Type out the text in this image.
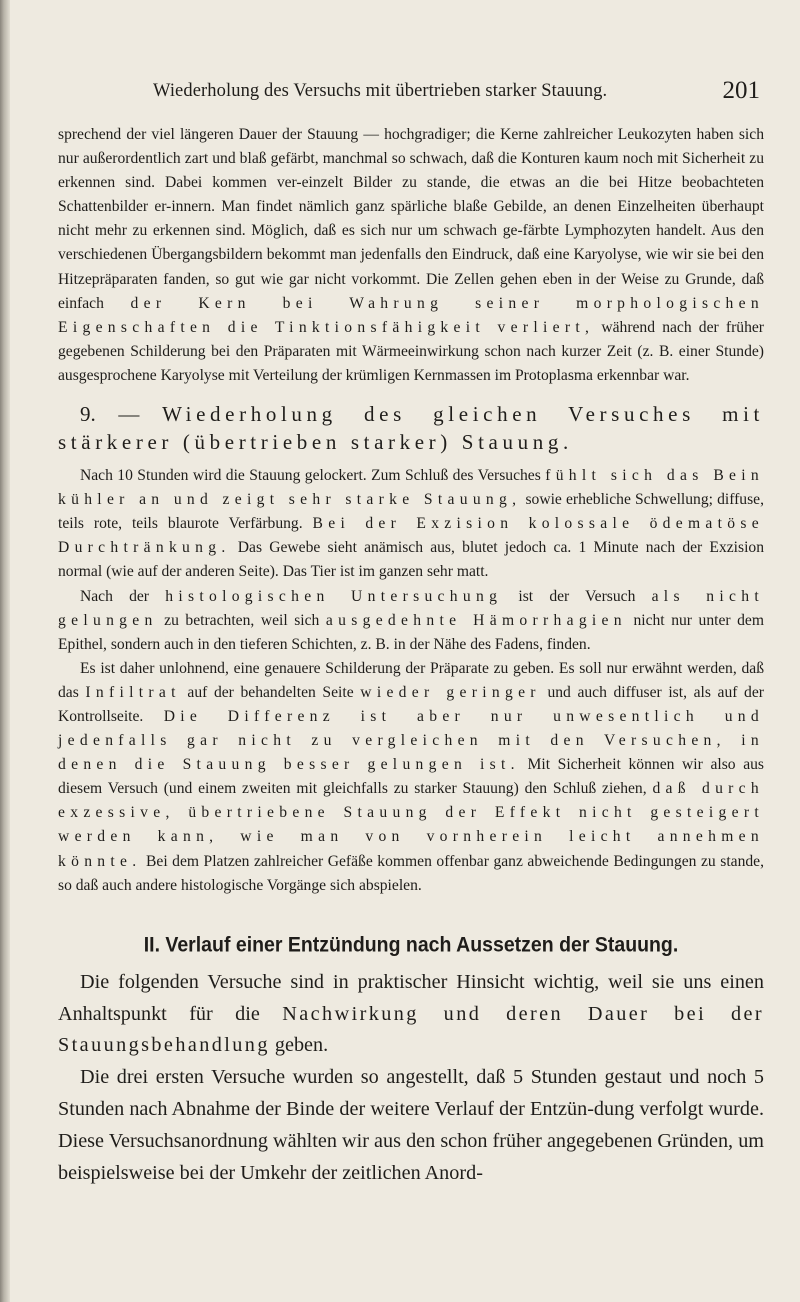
Wiederholung des Versuchs mit übertrieben starker Stauung.	201

sprechend der viel längeren Dauer der Stauung — hochgradiger; die Kerne zahlreicher Leukozyten haben sich nur außerordentlich zart und blaß gefärbt, manchmal so schwach, daß die Konturen kaum noch mit Sicherheit zu erkennen sind. Dabei kommen ver-einzelt Bilder zu stande, die etwas an die bei Hitze beobachteten Schattenbilder er-innern. Man findet nämlich ganz spärliche blaße Gebilde, an denen Einzelheiten überhaupt nicht mehr zu erkennen sind. Möglich, daß es sich nur um schwach ge-färbte Lymphozyten handelt. Aus den verschiedenen Übergangsbildern bekommt man jedenfalls den Eindruck, daß eine Karyolyse, wie wir sie bei den Hitzepräparaten fanden, so gut wie gar nicht vorkommt. Die Zellen gehen eben in der Weise zu Grunde, daß einfach der Kern bei Wahrung seiner morphologischen Eigenschaften die Tinktionsfähigkeit verliert, während nach der früher gegebenen Schilderung bei den Präparaten mit Wärmeeinwirkung schon nach kurzer Zeit (z. B. einer Stunde) ausgesprochene Karyolyse mit Verteilung der krümligen Kernmassen im Protoplasma erkennbar war.

9. — Wiederholung des gleichen Versuches mit stärkerer (übertrieben starker) Stauung.

Nach 10 Stunden wird die Stauung gelockert. Zum Schluß des Versuches fühlt sich das Bein kühler an und zeigt sehr starke Stauung, sowie erhebliche Schwellung; diffuse, teils rote, teils blaurote Verfärbung. Bei der Exzision kolossale ödematöse Durchtränkung. Das Gewebe sieht anämisch aus, blutet jedoch ca. 1 Minute nach der Exzision normal (wie auf der anderen Seite). Das Tier ist im ganzen sehr matt.

Nach der histologischen Untersuchung ist der Versuch als nicht gelungen zu betrachten, weil sich ausgedehnte Hämorrhagien nicht nur unter dem Epithel, sondern auch in den tieferen Schichten, z. B. in der Nähe des Fadens, finden.

Es ist daher unlohnend, eine genauere Schilderung der Präparate zu geben. Es soll nur erwähnt werden, daß das Infiltrat auf der behandelten Seite wieder geringer und auch diffuser ist, als auf der Kontrollseite. Die Differenz ist aber nur unwesentlich und jedenfalls gar nicht zu vergleichen mit den Versuchen, in denen die Stauung besser gelungen ist. Mit Sicherheit können wir also aus diesem Versuch (und einem zweiten mit gleichfalls zu starker Stauung) den Schluß ziehen, daß durch exzessive, übertriebene Stauung der Effekt nicht gesteigert werden kann, wie man von vornherein leicht annehmen könnte. Bei dem Platzen zahlreicher Gefäße kommen offenbar ganz abweichende Bedingungen zu stande, so daß auch andere histologische Vorgänge sich abspielen.

II. Verlauf einer Entzündung nach Aussetzen der Stauung.

Die folgenden Versuche sind in praktischer Hinsicht wichtig, weil sie uns einen Anhaltspunkt für die Nachwirkung und deren Dauer bei der Stauungsbehandlung geben.

Die drei ersten Versuche wurden so angestellt, daß 5 Stunden gestaut und noch 5 Stunden nach Abnahme der Binde der weitere Verlauf der Entzün-dung verfolgt wurde. Diese Versuchsanordnung wählten wir aus den schon früher angegebenen Gründen, um beispielsweise bei der Umkehr der zeitlichen Anord-
